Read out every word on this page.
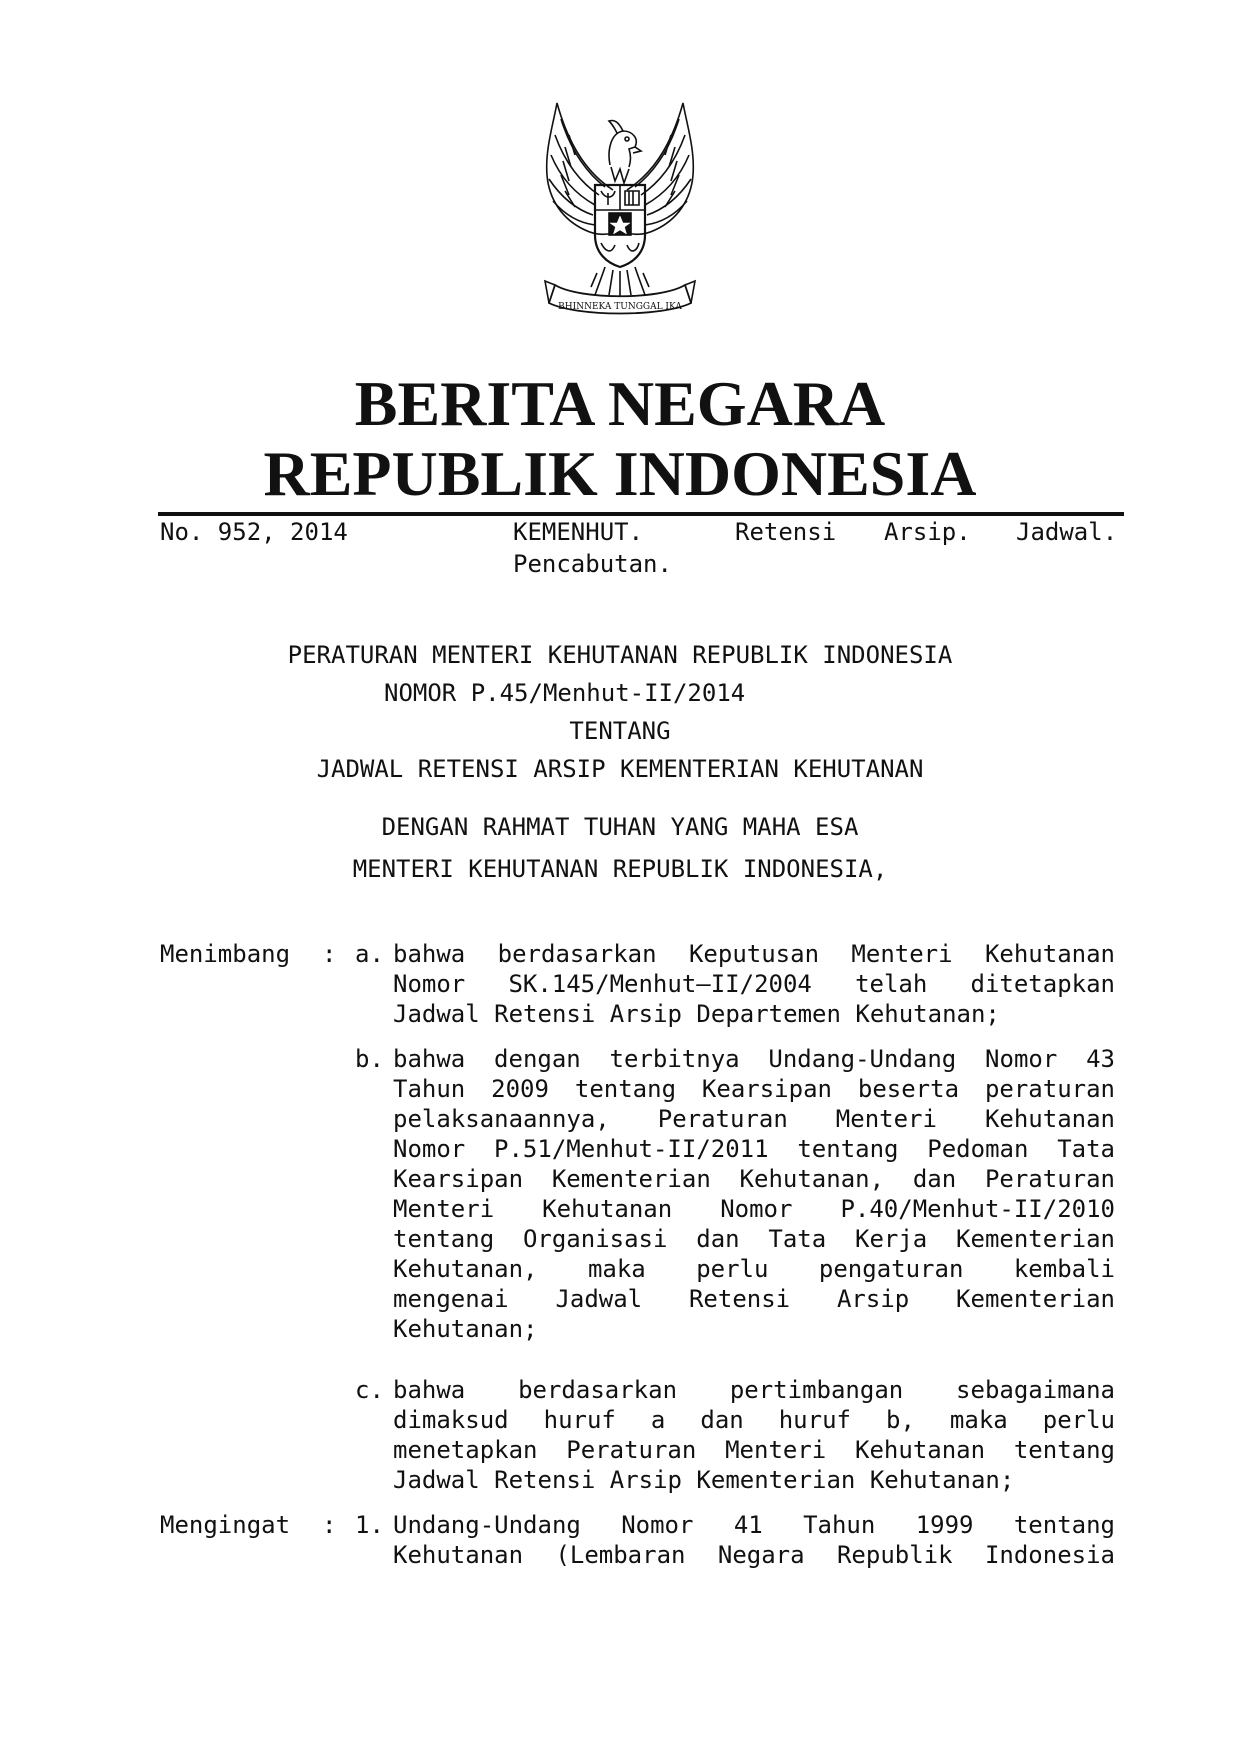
BHINNEKA TUNGGAL IKA
BERITA NEGARA
REPUBLIK INDONESIA
No. 952, 2014	KEMENHUT.	Retensi Arsip. Jadwal.
Pencabutan.
PERATURAN MENTERI KEHUTANAN REPUBLIK INDONESIA
NOMOR P.45/Menhut-II/2014
TENTANG
JADWAL RETENSI ARSIP KEMENTERIAN KEHUTANAN
DENGAN RAHMAT TUHAN YANG MAHA ESA
MENTERI KEHUTANAN REPUBLIK INDONESIA,
Menimbang : a. bahwa berdasarkan Keputusan Menteri Kehutanan
Nomor SK.145/Menhut–II/2004 telah ditetapkan
Jadwal Retensi Arsip Departemen Kehutanan;
b. bahwa dengan terbitnya Undang-Undang Nomor 43
Tahun 2009 tentang Kearsipan beserta peraturan
pelaksanaannya, Peraturan Menteri Kehutanan
Nomor P.51/Menhut-II/2011 tentang Pedoman Tata
Kearsipan Kementerian Kehutanan, dan Peraturan
Menteri Kehutanan Nomor P.40/Menhut-II/2010
tentang Organisasi dan Tata Kerja Kementerian
Kehutanan, maka perlu pengaturan kembali
mengenai Jadwal Retensi Arsip Kementerian
Kehutanan;
c. bahwa berdasarkan pertimbangan sebagaimana
dimaksud huruf a dan huruf b, maka perlu
menetapkan Peraturan Menteri Kehutanan tentang
Jadwal Retensi Arsip Kementerian Kehutanan;
Mengingat : 1. Undang-Undang Nomor 41 Tahun 1999 tentang
Kehutanan (Lembaran Negara Republik Indonesia
